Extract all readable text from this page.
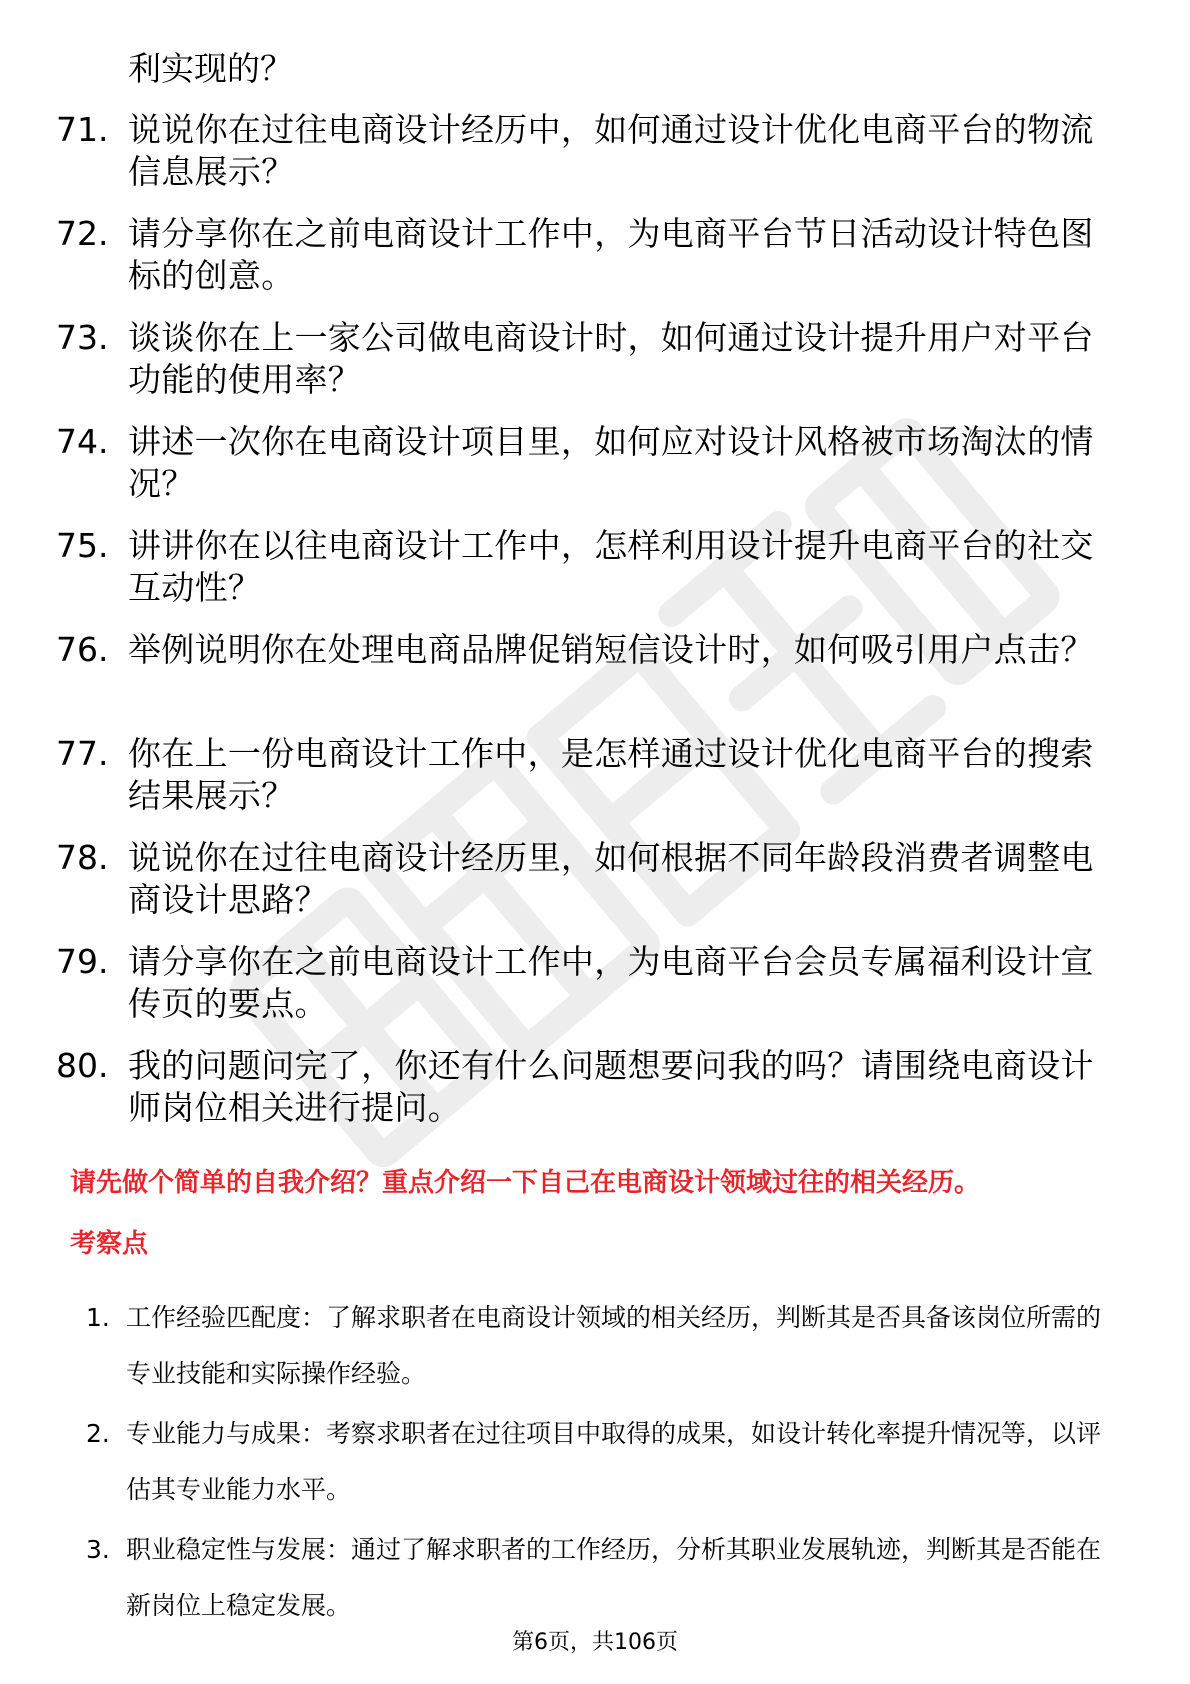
利实现的？
71. 说说你在过往电商设计经历中，如何通过设计优化电商平台的物流信息展示？
72. 请分享你在之前电商设计工作中，为电商平台节日活动设计特色图标的创意。
73. 谈谈你在上一家公司做电商设计时，如何通过设计提升用户对平台功能的使用率？
74. 讲述一次你在电商设计项目里，如何应对设计风格被市场淘汰的情况？
75. 讲讲你在以往电商设计工作中，怎样利用设计提升电商平台的社交互动性？
76. 举例说明你在处理电商品牌促销短信设计时，如何吸引用户点击？
77. 你在上一份电商设计工作中，是怎样通过设计优化电商平台的搜索结果展示？
78. 说说你在过往电商设计经历里，如何根据不同年龄段消费者调整电商设计思路？
79. 请分享你在之前电商设计工作中，为电商平台会员专属福利设计宣传页的要点。
80. 我的问题问完了，你还有什么问题想要问我的吗？请围绕电商设计师岗位相关进行提问。
请先做个简单的自我介绍？重点介绍一下自己在电商设计领域过往的相关经历。
考察点
1. 工作经验匹配度：了解求职者在电商设计领域的相关经历，判断其是否具备该岗位所需的专业技能和实际操作经验。
2. 专业能力与成果：考察求职者在过往项目中取得的成果，如设计转化率提升情况等，以评估其专业能力水平。
3. 职业稳定性与发展：通过了解求职者的工作经历，分析其职业发展轨迹，判断其是否能在新岗位上稳定发展。
第6页，共106页
